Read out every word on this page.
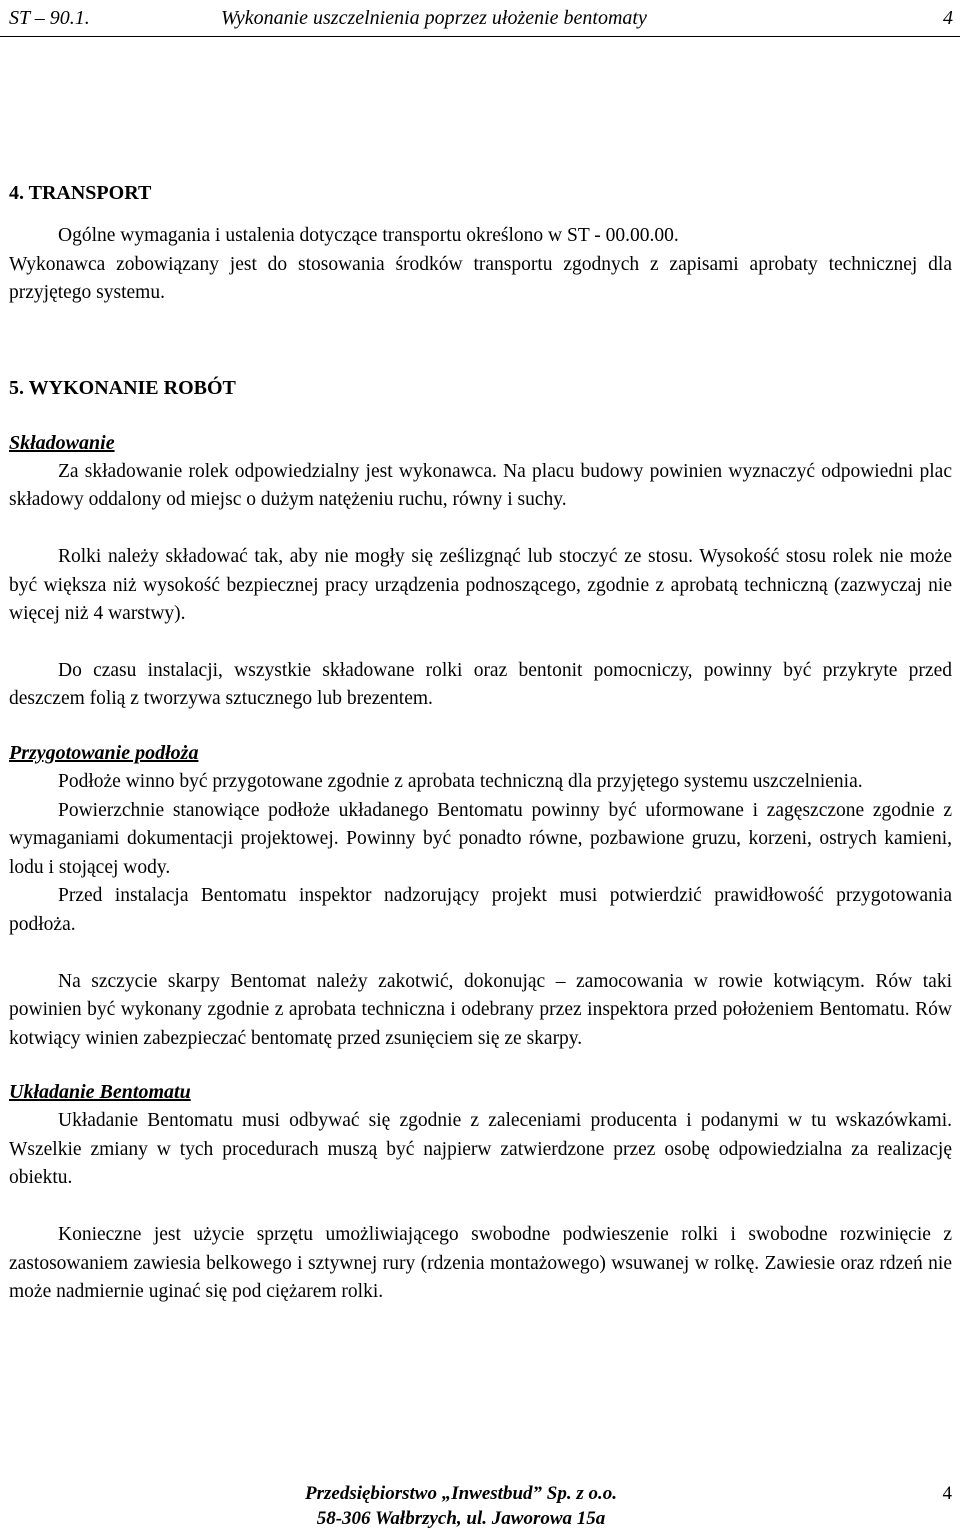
ST – 90.1.	Wykonanie uszczelnienia poprzez ułożenie bentomaty	4
4. TRANSPORT

Ogólne wymagania i ustalenia dotyczące transportu określono w ST - 00.00.00.

Wykonawca zobowiązany jest do stosowania środków transportu zgodnych z zapisami aprobaty technicznej dla przyjętego systemu.

5. WYKONANIE ROBÓT
Składowanie

Za składowanie rolek odpowiedzialny jest wykonawca. Na placu budowy powinien wyznaczyć odpowiedni plac składowy oddalony od miejsc o dużym natężeniu ruchu, równy i suchy.

Rolki należy składować tak, aby nie mogły się ześlizgnąć lub stoczyć ze stosu. Wysokość stosu rolek nie może być większa niż wysokość bezpiecznej pracy urządzenia podnoszącego, zgodnie z aprobatą techniczną (zazwyczaj nie więcej niż 4 warstwy).

Do czasu instalacji, wszystkie składowane rolki oraz bentonit pomocniczy, powinny być przykryte przed deszczem folią z tworzywa sztucznego lub brezentem.

Przygotowanie podłoża

Podłoże winno być przygotowane zgodnie z aprobata techniczną dla przyjętego systemu uszczelnienia.

Powierzchnie stanowiące podłoże układanego Bentomatu powinny być uformowane i zagęszczone zgodnie z wymaganiami dokumentacji projektowej. Powinny być ponadto równe, pozbawione gruzu, korzeni, ostrych kamieni, lodu i stojącej wody.

Przed instalacja Bentomatu inspektor nadzorujący projekt musi potwierdzić prawidłowość przygotowania podłoża.

Na szczycie skarpy Bentomat należy zakotwić, dokonując – zamocowania w rowie kotwiącym. Rów taki powinien być wykonany zgodnie z aprobata techniczna i odebrany przez inspektora przed położeniem Bentomatu. Rów kotwiący winien zabezpieczać bentomatę przed zsunięciem się ze skarpy.

Układanie Bentomatu

Układanie Bentomatu musi odbywać się zgodnie z zaleceniami producenta i podanymi w tu wskazówkami. Wszelkie zmiany w tych procedurach muszą być najpierw zatwierdzone przez osobę odpowiedzialna za realizację obiektu.

Konieczne jest użycie sprzętu umożliwiającego swobodne podwieszenie rolki i swobodne rozwinięcie z zastosowaniem zawiesia belkowego i sztywnej rury (rdzenia montażowego) wsuwanej w rolkę. Zawiesie oraz rdzeń nie może nadmiernie uginać się pod ciężarem rolki.

Przedsiębiorstwo „Inwestbud” Sp. z o.o.
58-306 Wałbrzych, ul. Jaworowa 15a
4
